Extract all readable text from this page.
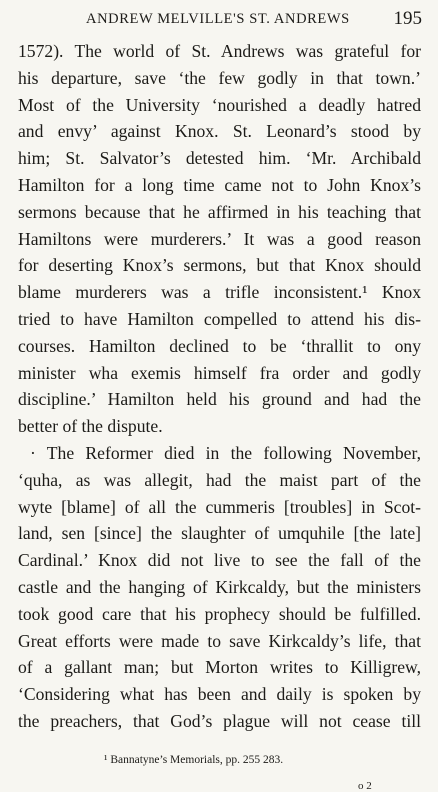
ANDREW MELVILLE'S ST. ANDREWS 195
1572). The world of St. Andrews was grateful for
his departure, save ‘the few godly in that town.’
Most of the University ‘nourished a deadly hatred
and envy’ against Knox. St. Leonard’s stood by
him; St. Salvator’s detested him. ‘Mr. Archibald
Hamilton for a long time came not to John Knox’s
sermons because that he affirmed in his teaching that
Hamiltons were murderers.’ It was a good reason
for deserting Knox’s sermons, but that Knox should
blame murderers was a trifle inconsistent.¹ Knox
tried to have Hamilton compelled to attend his dis-
courses. Hamilton declined to be ‘thrallit to ony
minister wha exemis himself fra order and godly
discipline.’ Hamilton held his ground and had the
better of the dispute.
· The Reformer died in the following November,
‘quha, as was allegit, had the maist part of the
wyte [blame] of all the cummeris [troubles] in Scot-
land, sen [since] the slaughter of umquhile [the late]
Cardinal.’ Knox did not live to see the fall of the
castle and the hanging of Kirkcaldy, but the ministers
took good care that his prophecy should be fulfilled.
Great efforts were made to save Kirkcaldy’s life, that
of a gallant man; but Morton writes to Killigrew,
‘Considering what has been and daily is spoken by
the preachers, that God’s plague will not cease till
¹ Bannatyne’s Memorials, pp. 255 283.
o 2
